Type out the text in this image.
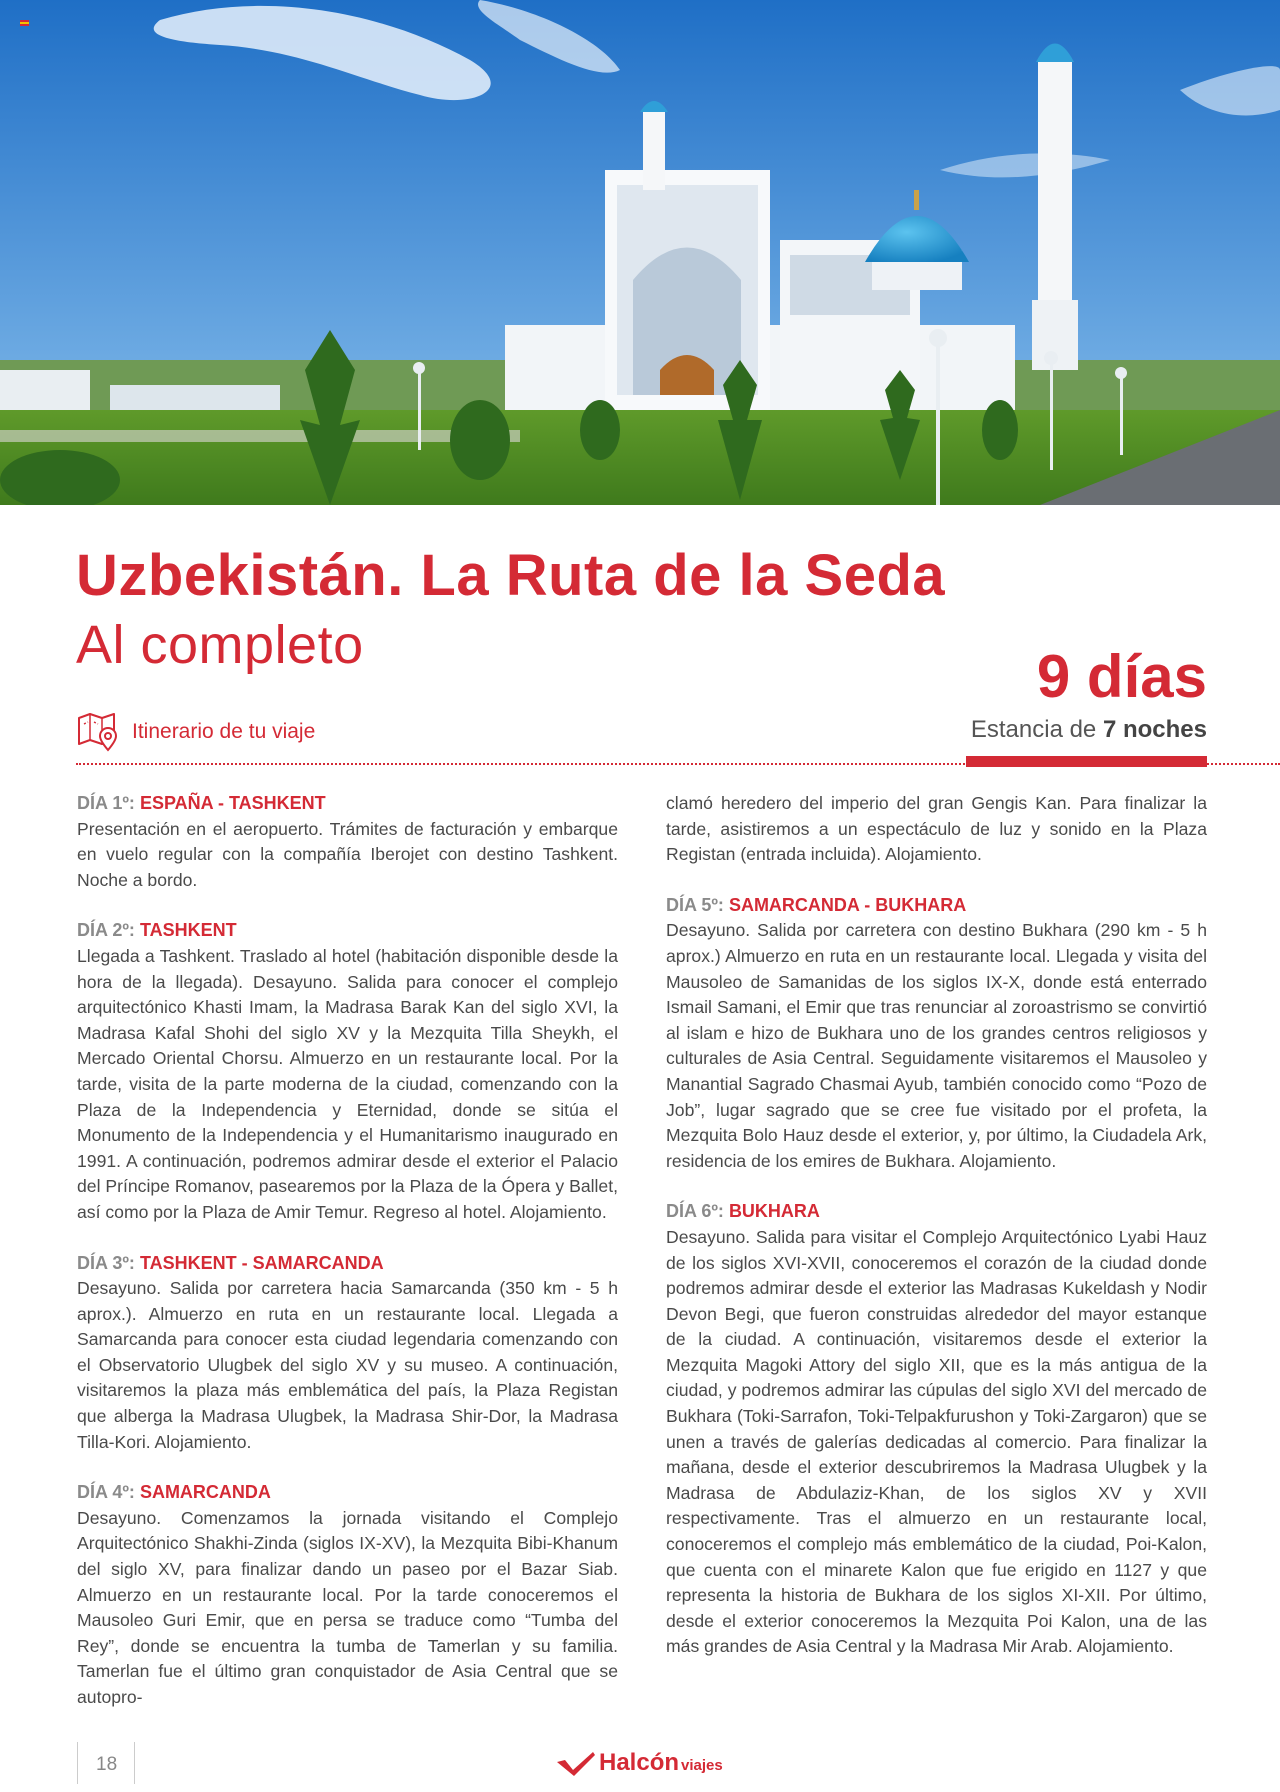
Uzbekistán. La Ruta de la Seda
Al completo	9 días
Estancia de 7 noches
Itinerario de tu viaje
DÍA 1º: ESPAÑA - TASHKENT
Presentación en el aeropuerto. Trámites de facturación y embarque en vuelo regular con la compañía Iberojet con destino Tashkent. Noche a bordo.
DÍA 2º: TASHKENT
Llegada a Tashkent. Traslado al hotel (habitación disponible desde la hora de la llegada). Desayuno. Salida para conocer el complejo arquitectónico Khasti Imam, la Madrasa Barak Kan del siglo XVI, la Madrasa Kafal Shohi del siglo XV y la Mezquita Tilla Sheykh, el Mercado Oriental Chorsu. Almuerzo en un restaurante local. Por la tarde, visita de la parte moderna de la ciudad, comenzando con la Plaza de la Independencia y Eternidad, donde se sitúa el Monumento de la Independencia y el Humanitarismo inaugurado en 1991. A continuación, podremos admirar desde el exterior el Palacio del Príncipe Romanov, pasearemos por la Plaza de la Ópera y Ballet, así como por la Plaza de Amir Temur. Regreso al hotel. Alojamiento.
DÍA 3º: TASHKENT - SAMARCANDA
Desayuno. Salida por carretera hacia Samarcanda (350 km - 5 h aprox.). Almuerzo en ruta en un restaurante local. Llegada a Samarcanda para conocer esta ciudad legendaria comenzando con el Observatorio Ulugbek del siglo XV y su museo. A continuación, visitaremos la plaza más emblemática del país, la Plaza Registan que alberga la Madrasa Ulugbek, la Madrasa Shir-Dor, la Madrasa Tilla-Kori. Alojamiento.
DÍA 4º: SAMARCANDA
Desayuno. Comenzamos la jornada visitando el Complejo Arquitectónico Shakhi-Zinda (siglos IX-XV), la Mezquita Bibi-Khanum del siglo XV, para finalizar dando un paseo por el Bazar Siab. Almuerzo en un restaurante local. Por la tarde conoceremos el Mausoleo Guri Emir, que en persa se traduce como “Tumba del Rey”, donde se encuentra la tumba de Tamerlan y su familia. Tamerlan fue el último gran conquistador de Asia Central que se autopro-
clamó heredero del imperio del gran Gengis Kan. Para finalizar la tarde, asistiremos a un espectáculo de luz y sonido en la Plaza Registan (entrada incluida). Alojamiento.
DÍA 5º: SAMARCANDA - BUKHARA
Desayuno. Salida por carretera con destino Bukhara (290 km - 5 h aprox.) Almuerzo en ruta en un restaurante local. Llegada y visita del Mausoleo de Samanidas de los siglos IX-X, donde está enterrado Ismail Samani, el Emir que tras renunciar al zoroastrismo se convirtió al islam e hizo de Bukhara uno de los grandes centros religiosos y culturales de Asia Central. Seguidamente visitaremos el Mausoleo y Manantial Sagrado Chasmai Ayub, también conocido como “Pozo de Job”, lugar sagrado que se cree fue visitado por el profeta, la Mezquita Bolo Hauz desde el exterior, y, por último, la Ciudadela Ark, residencia de los emires de Bukhara. Alojamiento.
DÍA 6º: BUKHARA
Desayuno. Salida para visitar el Complejo Arquitectónico Lyabi Hauz de los siglos XVI-XVII, conoceremos el corazón de la ciudad donde podremos admirar desde el exterior las Madrasas Kukeldash y Nodir Devon Begi, que fueron construidas alrededor del mayor estanque de la ciudad. A continuación, visitaremos desde el exterior la Mezquita Magoki Attory del siglo XII, que es la más antigua de la ciudad, y podremos admirar las cúpulas del siglo XVI del mercado de Bukhara (Toki-Sarrafon, Toki-Telpakfurushon y Toki-Zargaron) que se unen a través de galerías dedicadas al comercio. Para finalizar la mañana, desde el exterior descubriremos la Madrasa Ulugbek y la Madrasa de Abdulaziz-Khan, de los siglos XV y XVII respectivamente. Tras el almuerzo en un restaurante local, conoceremos el complejo más emblemático de la ciudad, Poi-Kalon, que cuenta con el minarete Kalon que fue erigido en 1127 y que representa la historia de Bukhara de los siglos XI-XII. Por último, desde el exterior conoceremos la Mezquita Poi Kalon, una de las más grandes de Asia Central y la Madrasa Mir Arab. Alojamiento.
18	Halcón viajes
